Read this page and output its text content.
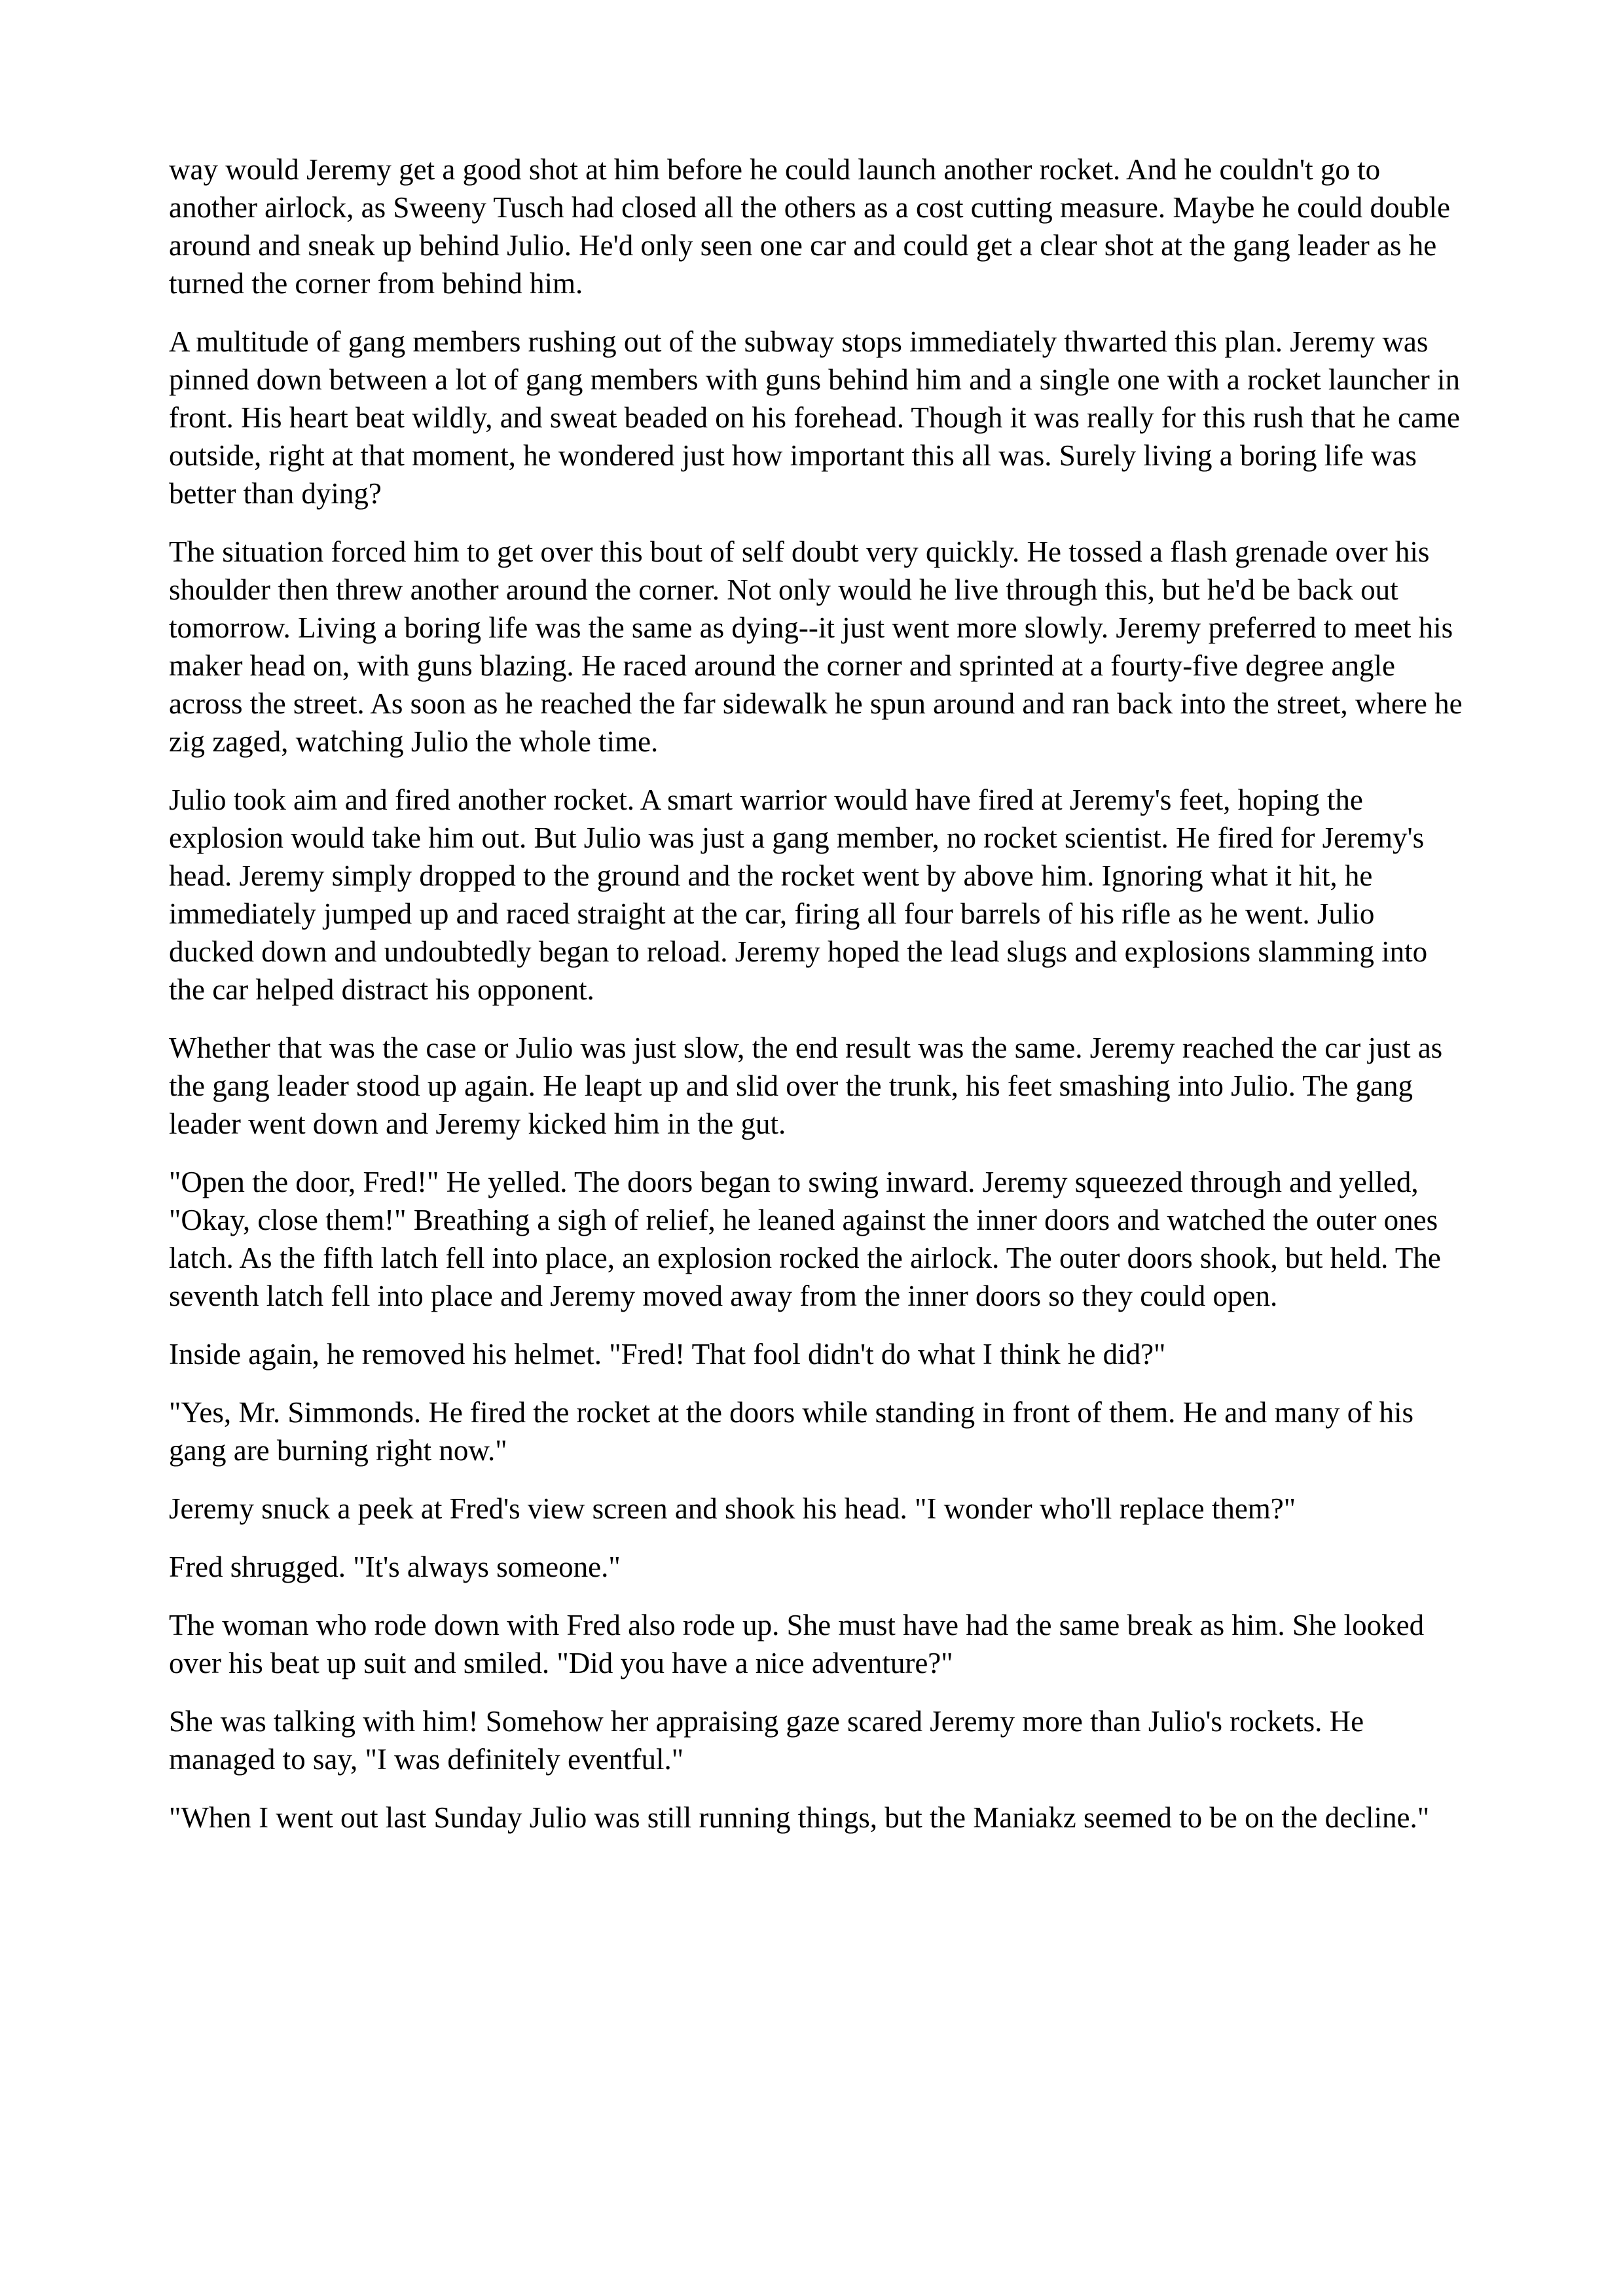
way would Jeremy get a good shot at him before he could launch another rocket. And he couldn't go to another airlock, as Sweeny Tusch had closed all the others as a cost cutting measure. Maybe he could double around and sneak up behind Julio. He'd only seen one car and could get a clear shot at the gang leader as he turned the corner from behind him.

A multitude of gang members rushing out of the subway stops immediately thwarted this plan. Jeremy was pinned down between a lot of gang members with guns behind him and a single one with a rocket launcher in front. His heart beat wildly, and sweat beaded on his forehead. Though it was really for this rush that he came outside, right at that moment, he wondered just how important this all was. Surely living a boring life was better than dying?

The situation forced him to get over this bout of self doubt very quickly. He tossed a flash grenade over his shoulder then threw another around the corner. Not only would he live through this, but he'd be back out tomorrow. Living a boring life was the same as dying--it just went more slowly. Jeremy preferred to meet his maker head on, with guns blazing. He raced around the corner and sprinted at a fourty-five degree angle across the street. As soon as he reached the far sidewalk he spun around and ran back into the street, where he zig zaged, watching Julio the whole time.

Julio took aim and fired another rocket. A smart warrior would have fired at Jeremy's feet, hoping the explosion would take him out. But Julio was just a gang member, no rocket scientist. He fired for Jeremy's head. Jeremy simply dropped to the ground and the rocket went by above him. Ignoring what it hit, he immediately jumped up and raced straight at the car, firing all four barrels of his rifle as he went. Julio ducked down and undoubtedly began to reload. Jeremy hoped the lead slugs and explosions slamming into the car helped distract his opponent.

Whether that was the case or Julio was just slow, the end result was the same. Jeremy reached the car just as the gang leader stood up again. He leapt up and slid over the trunk, his feet smashing into Julio. The gang leader went down and Jeremy kicked him in the gut.

"Open the door, Fred!" He yelled. The doors began to swing inward. Jeremy squeezed through and yelled, "Okay, close them!" Breathing a sigh of relief, he leaned against the inner doors and watched the outer ones latch. As the fifth latch fell into place, an explosion rocked the airlock. The outer doors shook, but held. The seventh latch fell into place and Jeremy moved away from the inner doors so they could open.

Inside again, he removed his helmet. "Fred! That fool didn't do what I think he did?"

"Yes, Mr. Simmonds. He fired the rocket at the doors while standing in front of them. He and many of his gang are burning right now."

Jeremy snuck a peek at Fred's view screen and shook his head. "I wonder who'll replace them?"

Fred shrugged. "It's always someone."

The woman who rode down with Fred also rode up. She must have had the same break as him. She looked over his beat up suit and smiled. "Did you have a nice adventure?"

She was talking with him! Somehow her appraising gaze scared Jeremy more than Julio's rockets. He managed to say, "I was definitely eventful."

"When I went out last Sunday Julio was still running things, but the Maniakz seemed to be on the decline."
